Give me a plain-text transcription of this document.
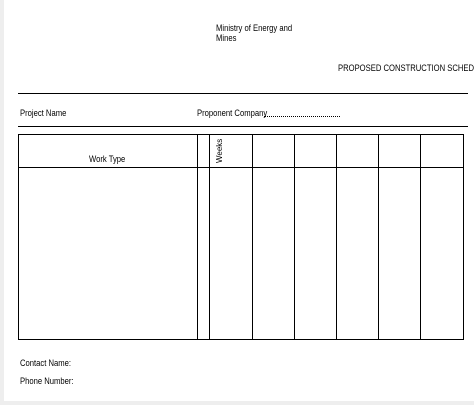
Ministry of Energy and Mines
PROPOSED CONSTRUCTION SCHED
Project Name	Proponent Company
Work Type	Weeks
Contact Name:
Phone Number:
